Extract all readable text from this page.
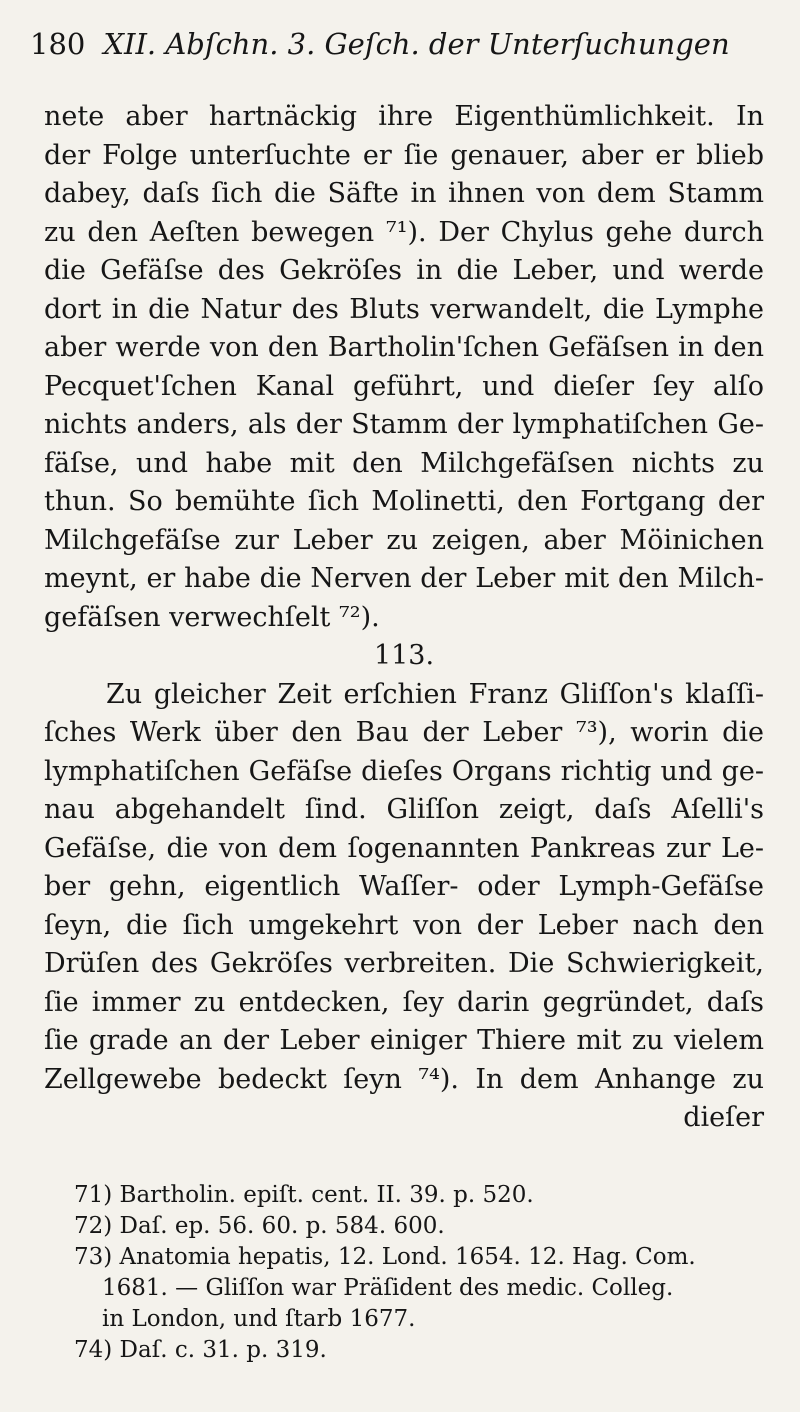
180 XII. Abſchn. 3. Geſch. der Unterſuchungen
nete aber hartnäckig ihre Eigenthümlichkeit. In
der Folge unterſuchte er ſie genauer, aber er blieb
dabey, daſs ſich die Säfte in ihnen von dem Stamm
zu den Aeſten bewegen ⁷¹). Der Chylus gehe durch
die Gefäſse des Gekröſes in die Leber, und werde
dort in die Natur des Bluts verwandelt, die Lymphe
aber werde von den Bartholin'ſchen Gefäſsen in den
Pecquet'ſchen Kanal geführt, und dieſer ſey alſo
nichts anders, als der Stamm der lymphatiſchen Ge-
fäſse, und habe mit den Milchgefäſsen nichts zu
thun. So bemühte ſich Molinetti, den Fortgang der
Milchgefäſse zur Leber zu zeigen, aber Möinichen
meynt, er habe die Nerven der Leber mit den Milch-
gefäſsen verwechſelt ⁷²).
113.
Zu gleicher Zeit erſchien Franz Gliſſon's klaſſi-
ſches Werk über den Bau der Leber ⁷³), worin die
lymphatiſchen Gefäſse dieſes Organs richtig und ge-
nau abgehandelt ſind. Gliſſon zeigt, daſs Aſelli's
Gefäſse, die von dem ſogenannten Pankreas zur Le-
ber gehn, eigentlich Waſſer- oder Lymph-Gefäſse
ſeyn, die ſich umgekehrt von der Leber nach den
Drüſen des Gekröſes verbreiten. Die Schwierigkeit,
ſie immer zu entdecken, ſey darin gegründet, daſs
ſie grade an der Leber einiger Thiere mit zu vielem
Zellgewebe bedeckt ſeyn ⁷⁴). In dem Anhange zu
dieſer
71) Bartholin. epiſt. cent. II. 39. p. 520.
72) Daſ. ep. 56. 60. p. 584. 600.
73) Anatomia hepatis, 12. Lond. 1654. 12. Hag. Com.
1681. — Gliſſon war Präſident des medic. Colleg.
in London, und ſtarb 1677.
74) Daſ. c. 31. p. 319.
